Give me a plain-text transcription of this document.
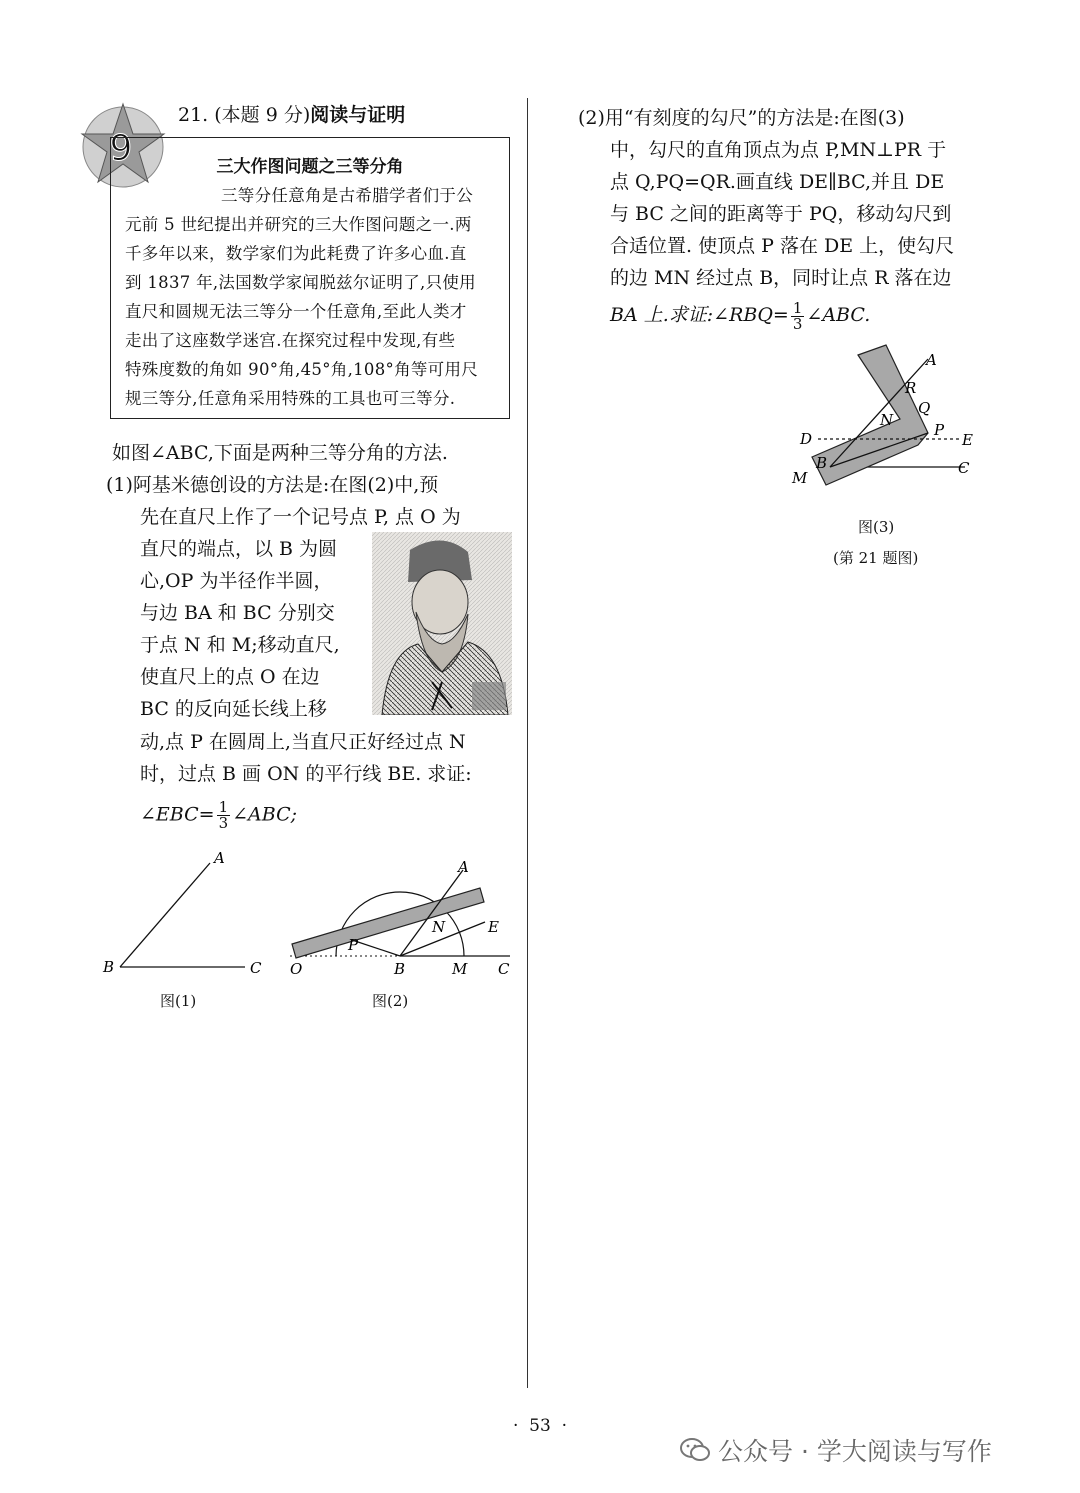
9
21. (本题 9 分)阅读与证明
三大作图问题之三等分角
三等分任意角是古希腊学者们于公
元前 5 世纪提出并研究的三大作图问题之一.两
千多年以来，数学家们为此耗费了许多心血.直
到 1837 年,法国数学家闻脱兹尔证明了,只使用
直尺和圆规无法三等分一个任意角,至此人类才
走出了这座数学迷宫.在探究过程中发现,有些
特殊度数的角如 90°角,45°角,108°角等可用尺
规三等分,任意角采用特殊的工具也可三等分.
如图∠ABC,下面是两种三等分角的方法.
(1)阿基米德创设的方法是:在图(2)中,预
先在直尺上作了一个记号点 P, 点 O 为
直尺的端点，以 B 为圆
心,OP 为半径作半圆，
与边 BA 和 BC 分别交
于点 N 和 M;移动直尺,
使直尺上的点 O 在边
BC 的反向延长线上移
动,点 P 在圆周上,当直尺正好经过点 N
时，过点 B 画 ON 的平行线 BE. 求证:
∠EBC= $\frac{1}{3}$ ∠ABC;
A
B	C
图(1)
A
P
N	E
O	B	M C
图(2)
(2)用“有刻度的勾尺”的方法是:在图(3)
中，勾尺的直角顶点为点 P,MN⊥PR 于
点 Q,PQ=QR.画直线 DE∥BC,并且 DE
与 BC 之间的距离等于 PQ，移动勾尺到
合适位置. 使顶点 P 落在 DE 上，使勾尺
的边 MN 经过点 B，同时让点 R 落在边
BA 上.求证:∠RBQ= $\frac{1}{3}$ ∠ABC.
A
R
Q
N
P
D	E
B	C
M
图(3)
(第 21 题图)
·  53  ·
公众号 · 学大阅读与写作
